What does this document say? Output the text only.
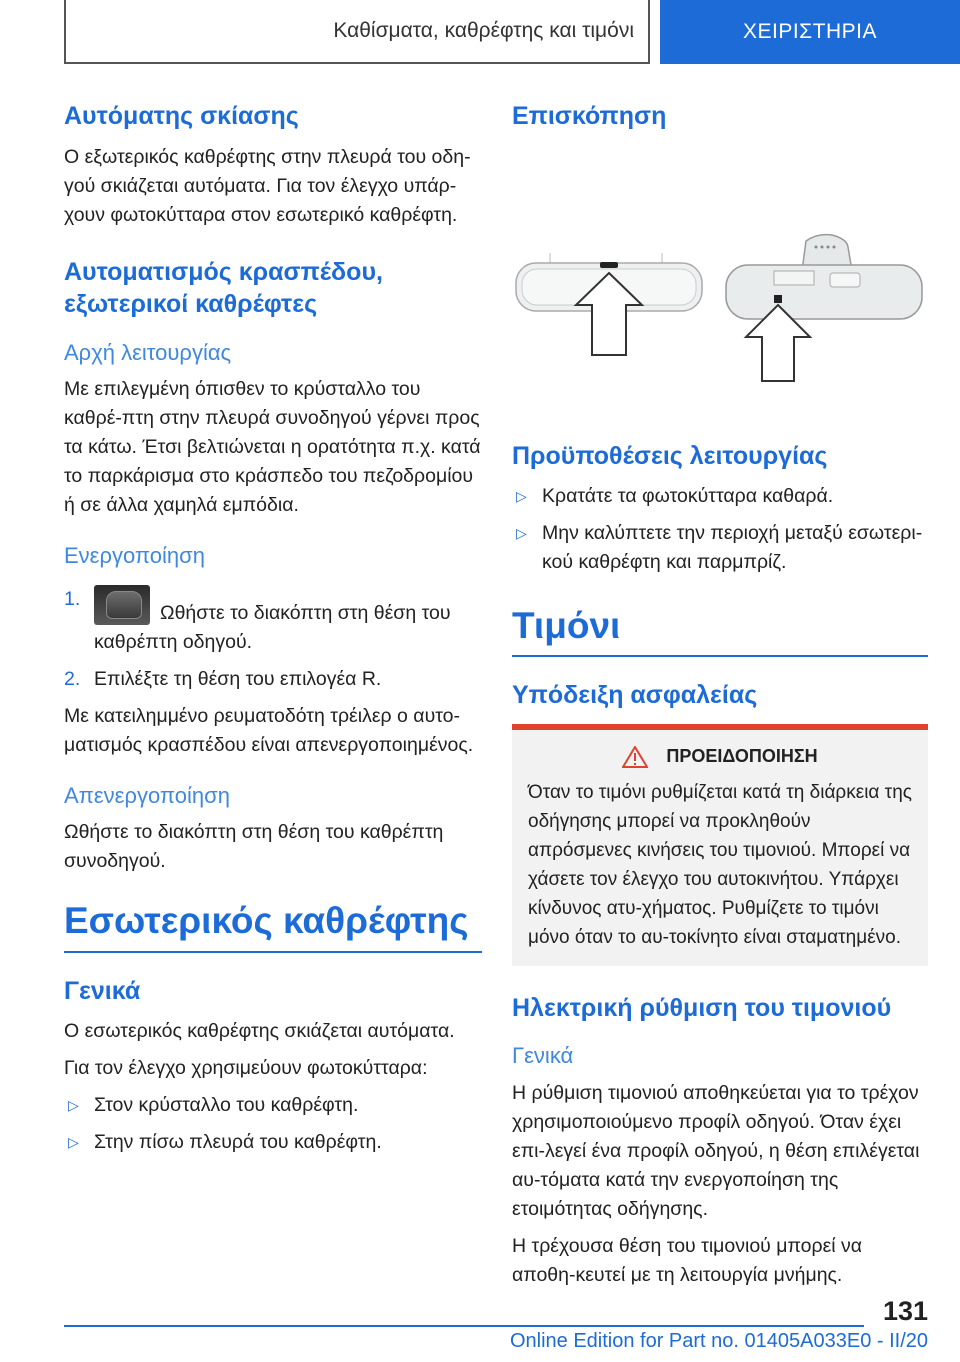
Καθίσματα, καθρέφτης και τιμόνι	ΧΕΙΡΙΣΤΗΡΙΑ
Αυτόματης σκίασης

Ο εξωτερικός καθρέφτης στην πλευρά του οδη-γού σκιάζεται αυτόματα. Για τον έλεγχο υπάρ-χουν φωτοκύτταρα στον εσωτερικό καθρέφτη.

Αυτοματισμός κρασπέδου, εξωτερικοί καθρέφτες
Αρχή λειτουργίας

Με επιλεγμένη όπισθεν το κρύσταλλο του καθρέ-πτη στην πλευρά συνοδηγού γέρνει προς τα κάτω. Έτσι βελτιώνεται η ορατότητα π.χ. κατά το παρκάρισμα στο κράσπεδο του πεζοδρομίου ή σε άλλα χαμηλά εμπόδια.

Ενεργοποίηση
1.
Ωθήστε το διακόπτη στη θέση του καθρέπτη οδηγού.
2. Επιλέξτε τη θέση του επιλογέα R.

Με κατειλημμένο ρευματοδότη τρέιλερ ο αυτο-ματισμός κρασπέδου είναι απενεργοποιημένος.

Απενεργοποίηση

Ωθήστε το διακόπτη στη θέση του καθρέπτη συνοδηγού.

Εσωτερικός καθρέφτης
Γενικά

Ο εσωτερικός καθρέφτης σκιάζεται αυτόματα.

Για τον έλεγχο χρησιμεύουν φωτοκύτταρα:

▷ Στον κρύσταλλο του καθρέφτη.
▷ Στην πίσω πλευρά του καθρέφτη.
Επισκόπηση
Προϋποθέσεις λειτουργίας
▷ Κρατάτε τα φωτοκύτταρα καθαρά.
▷ Μην καλύπτετε την περιοχή μεταξύ εσωτερι-κού καθρέφτη και παρμπρίζ.
Τιμόνι
Υπόδειξη ασφαλείας
ΠΡΟΕΙΔΟΠΟΙΗΣΗ

Όταν το τιμόνι ρυθμίζεται κατά τη διάρκεια της οδήγησης μπορεί να προκληθούν απρόσμενες κινήσεις του τιμονιού. Μπορεί να χάσετε τον έλεγχο του αυτοκινήτου. Υπάρχει κίνδυνος ατυ-χήματος. Ρυθμίζετε το τιμόνι μόνο όταν το αυ-τοκίνητο είναι σταματημένο.

Ηλεκτρική ρύθμιση του τιμονιού
Γενικά

Η ρύθμιση τιμονιού αποθηκεύεται για το τρέχον χρησιμοποιούμενο προφίλ οδηγού. Όταν έχει επι-λεγεί ένα προφίλ οδηγού, η θέση επιλέγεται αυ-τόματα κατά την ενεργοποίηση της ετοιμότητας οδήγησης.

Η τρέχουσα θέση του τιμονιού μπορεί να αποθη-κευτεί με τη λειτουργία μνήμης.

131
Online Edition for Part no. 01405A033E0 - II/20
